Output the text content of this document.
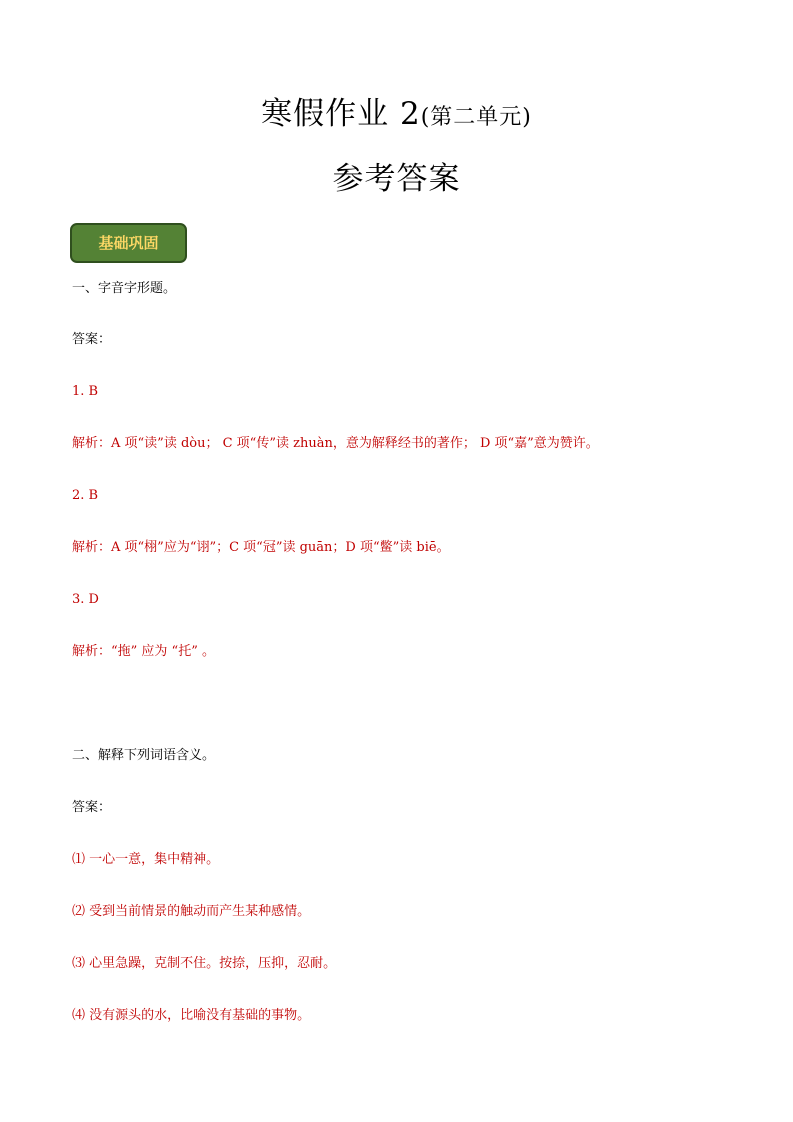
寒假作业 2(第二单元)
参考答案
基础巩固
一、字音字形题。
答案：
1. B
解析：A 项“读”读 dòu； C 项“传”读 zhuàn，意为解释经书的著作； D 项“嘉”意为赞许。
2. B
解析：A 项“栩”应为“诩”；C 项“冠”读 guān；D 项“鳖”读 biē。
3. D
解析：“拖” 应为 “托” 。
二、解释下列词语含义。
答案：
⑴ 一心一意，集中精神。
⑵ 受到当前情景的触动而产生某种感情。
⑶ 心里急躁，克制不住。按捺，压抑，忍耐。
⑷ 没有源头的水，比喻没有基础的事物。
